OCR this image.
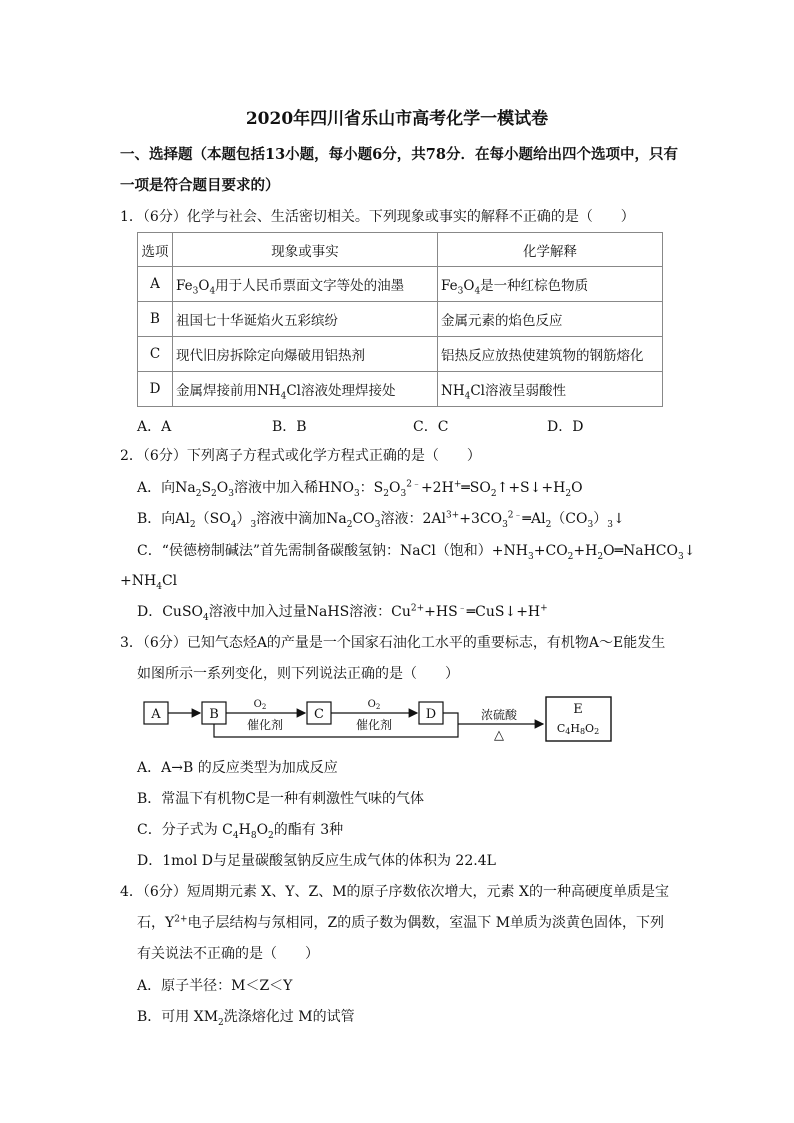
2020年四川省乐山市高考化学一模试卷
一、选择题（本题包括13小题，每小题6分，共78分．在每小题给出四个选项中，只有
一项是符合题目要求的）
1．（6分）化学与社会、生活密切相关。下列现象或事实的解释不正确的是（　　）
选项	现象或事实	化学解释
A	$Fe_3O_4$用于人民币票面文字等处的油墨	$Fe_3O_4$是一种红棕色物质
B	祖国七十华诞焰火五彩缤纷	金属元素的焰色反应
C	现代旧房拆除定向爆破用铝热剂	铝热反应放热使建筑物的钢筋熔化
D	金属焊接前用$NH_4Cl$溶液处理焊接处	$NH_4Cl$溶液呈弱酸性
A．A	B．B	C．C	D．D
2．（6分）下列离子方程式或化学方程式正确的是（　　）
A．向$Na_2S_2O_3$溶液中加入稀$HNO_3$：$S_2O_3^{2﹣}+2H^+═SO_2↑+S↓+H_2O$
B．向$Al_2(SO_4)_3$溶液中滴加$Na_2CO_3$溶液：$2Al^{3+}+3CO_3^{2﹣}═Al_2(CO_3)_3↓$
C．“侯德榜制碱法”首先需制备碳酸氢钠：NaCl（饱和）$+NH_3+CO_2+H_2O═NaHCO_3↓$
$+NH_4Cl$
D．CuSO$_4$溶液中加入过量NaHS溶液：$Cu^{2+}+HS^﹣═CuS↓+H^+$
3．（6分）已知气态烃A的产量是一个国家石油化工水平的重要标志，有机物A～E能发生
如图所示一系列变化，则下列说法正确的是（　　）
A	B
$O_2$
催化剂
C
$O_2$
催化剂
D	浓硫酸
△
E
C4H8O2
A．A→B 的反应类型为加成反应
B．常温下有机物C是一种有刺激性气味的气体
C．分子式为 $C_4H_8O_2$的酯有 3种
D．1mol D与足量碳酸氢钠反应生成气体的体积为 22.4L
4．（6分）短周期元素 X、Y、Z、M的原子序数依次增大，元素 X的一种高硬度单质是宝
石，$Y^{2+}$电子层结构与氖相同，Z的质子数为偶数，室温下 M单质为淡黄色固体，下列
有关说法不正确的是（　　）
A．原子半径：M＜Z＜Y
B．可用 $XM_2$洗涤熔化过 M的试管
